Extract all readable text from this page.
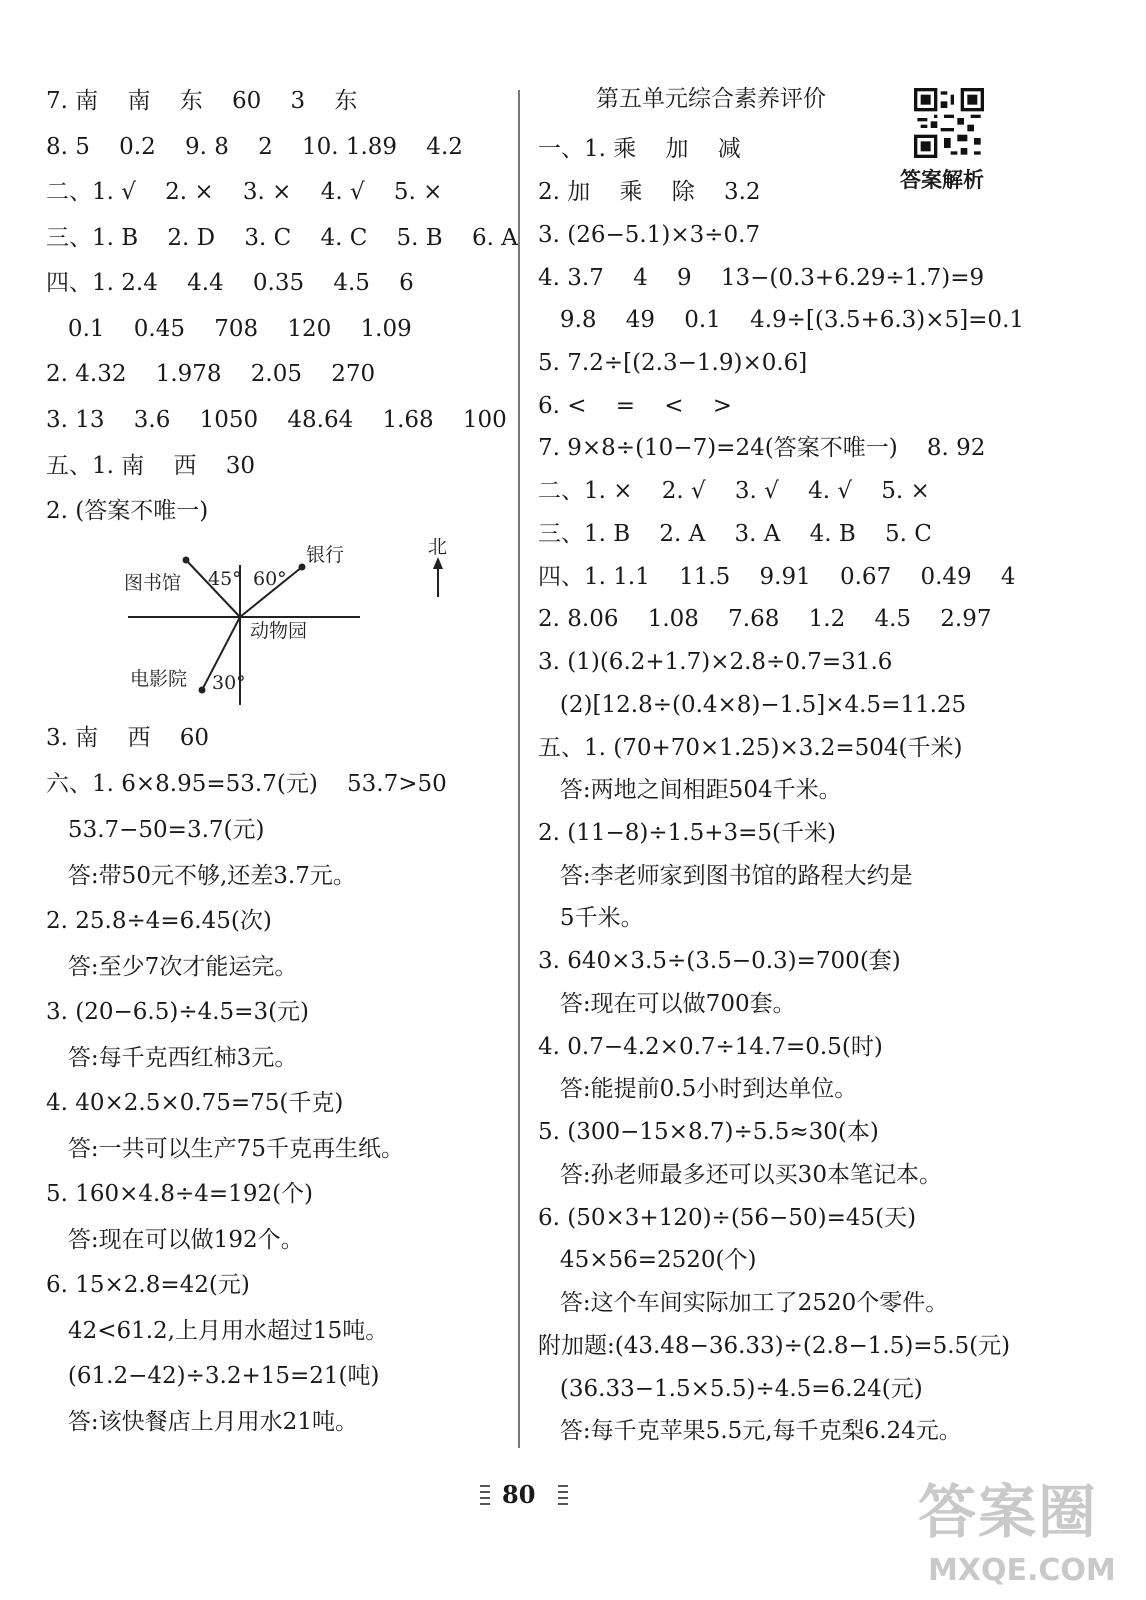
7. 南    南    东    60    3    东
8. 5    0.2    9. 8    2    10. 1.89    4.2
二、1. √    2. ×    3. ×    4. √    5. ×
三、1. B    2. D    3. C    4. C    5. B    6. A
四、1. 2.4    4.4    0.35    4.5    6
0.1    0.45    708    120    1.09
2. 4.32    1.978    2.05    270
3. 13    3.6    1050    48.64    1.68    100
五、1. 南    西    30
2. (答案不唯一)
图书馆 45° 60°
银行	北
动物园
电影院 30°
3. 南    西    60
六、1. 6×8.95=53.7(元)    53.7>50
53.7−50=3.7(元)
答:带50元不够,还差3.7元。
2. 25.8÷4=6.45(次)
答:至少7次才能运完。
3. (20−6.5)÷4.5=3(元)
答:每千克西红柿3元。
4. 40×2.5×0.75=75(千克)
答:一共可以生产75千克再生纸。
5. 160×4.8÷4=192(个)
答:现在可以做192个。
6. 15×2.8=42(元)
42<61.2,上月用水超过15吨。
(61.2−42)÷3.2+15=21(吨)
答:该快餐店上月用水21吨。
第五单元综合素养评价
答案解析
一、1. 乘    加    减
2. 加    乘    除    3.2
3. (26−5.1)×3÷0.7
4. 3.7    4    9    13−(0.3+6.29÷1.7)=9
9.8    49    0.1    4.9÷[(3.5+6.3)×5]=0.1
5. 7.2÷[(2.3−1.9)×0.6]
6. <    =    <    >
7. 9×8÷(10−7)=24(答案不唯一)    8. 92
二、1. ×    2. √    3. √    4. √    5. ×
三、1. B    2. A    3. A    4. B    5. C
四、1. 1.1    11.5    9.91    0.67    0.49    4
2. 8.06    1.08    7.68    1.2    4.5    2.97
3. (1)(6.2+1.7)×2.8÷0.7=31.6
(2)[12.8÷(0.4×8)−1.5]×4.5=11.25
五、1. (70+70×1.25)×3.2=504(千米)
答:两地之间相距504千米。
2. (11−8)÷1.5+3=5(千米)
答:李老师家到图书馆的路程大约是
5千米。
3. 640×3.5÷(3.5−0.3)=700(套)
答:现在可以做700套。
4. 0.7−4.2×0.7÷14.7=0.5(时)
答:能提前0.5小时到达单位。
5. (300−15×8.7)÷5.5≈30(本)
答:孙老师最多还可以买30本笔记本。
6. (50×3+120)÷(56−50)=45(天)
45×56=2520(个)
答:这个车间实际加工了2520个零件。
附加题:(43.48−36.33)÷(2.8−1.5)=5.5(元)
(36.33−1.5×5.5)÷4.5=6.24(元)
答:每千克苹果5.5元,每千克梨6.24元。
80	答案圈
MXQE.COM
